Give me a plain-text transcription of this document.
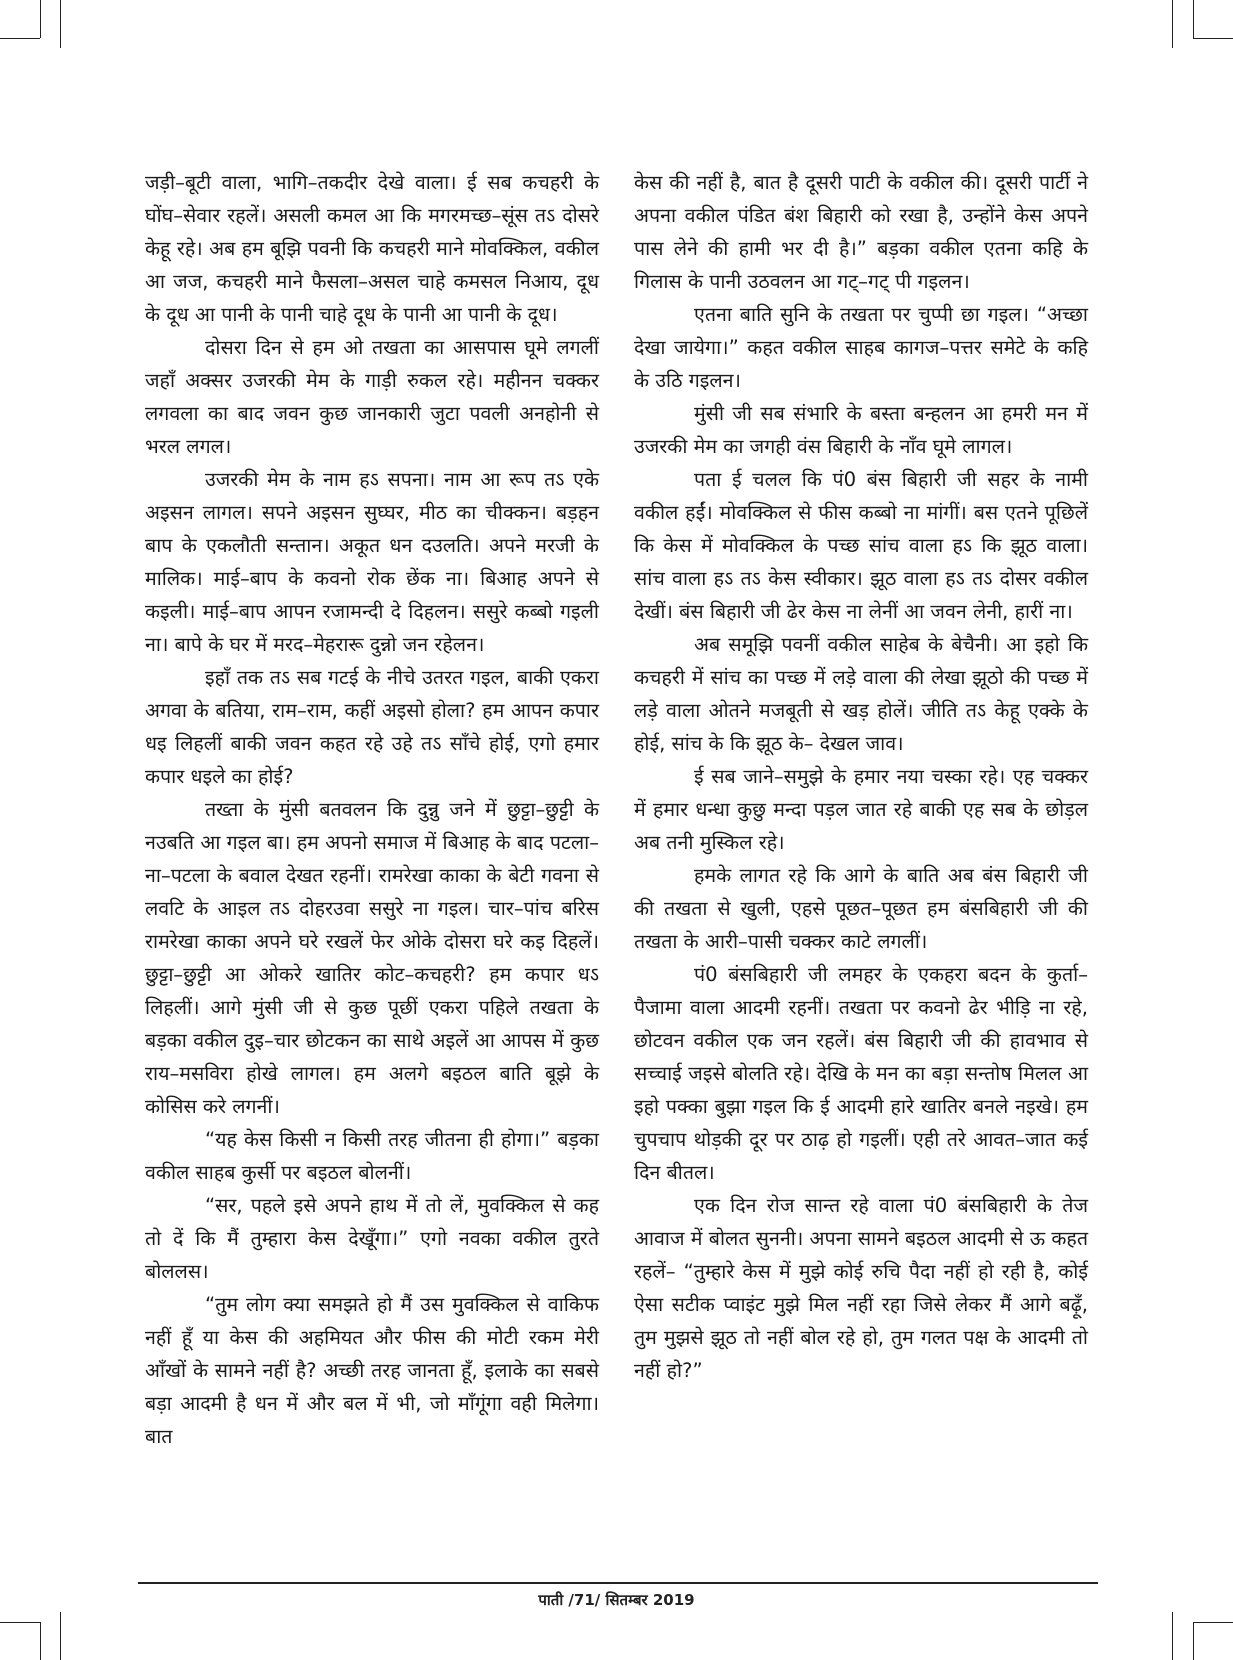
जड़ी–बूटी वाला, भागि–तकदीर देखे वाला। ई सब कचहरी के घोंघ–सेवार रहलें। असली कमल आ कि मगरमच्छ–सूंस तऽ दोसरे केहू रहे। अब हम बूझि पवनी कि कचहरी माने मोवक्किल, वकील आ जज, कचहरी माने फैसला–असल चाहे कमसल निआय, दूध के दूध आ पानी के पानी चाहे दूध के पानी आ पानी के दूध।

दोसरा दिन से हम ओ तखता का आसपास घूमे लगलीं जहाँ अक्सर उजरकी मेम के गाड़ी रुकल रहे। महीनन चक्कर लगवला का बाद जवन कुछ जानकारी जुटा पवली अनहोनी से भरल लगल।

उजरकी मेम के नाम हऽ सपना। नाम आ रूप तऽ एके अइसन लागल। सपने अइसन सुघ्घर, मीठ का चीक्कन। बड़हन बाप के एकलौती सन्तान। अकूत धन दउलति। अपने मरजी के मालिक। माई–बाप के कवनो रोक छेंक ना। बिआह अपने से कइली। माई–बाप आपन रजामन्दी दे दिहलन। ससुरे कब्बो गइली ना। बापे के घर में मरद–मेहरारू दुन्नो जन रहेलन।

इहाँ तक तऽ सब गटई के नीचे उतरत गइल, बाकी एकरा अगवा के बतिया, राम–राम, कहीं अइसो होला? हम आपन कपार धइ लिहलीं बाकी जवन कहत रहे उहे तऽ साँचे होई, एगो हमार कपार धइले का होई?

तख्ता के मुंसी बतवलन कि दुन्नु जने में छुट्टा–छुट्टी के नउबति आ गइल बा। हम अपनो समाज में बिआह के बाद पटला–ना–पटला के बवाल देखत रहनीं। रामरेखा काका के बेटी गवना से लवटि के आइल तऽ दोहरउवा ससुरे ना गइल। चार–पांच बरिस रामरेखा काका अपने घरे रखलें फेर ओके दोसरा घरे कइ दिहलें। छुट्टा–छुट्टी आ ओकरे खातिर कोट–कचहरी? हम कपार धऽ लिहलीं। आगे मुंसी जी से कुछ पूछीं एकरा पहिले तखता के बड़का वकील दुइ–चार छोटकन का साथे अइलें आ आपस में कुछ राय–मसविरा होखे लागल। हम अलगे बइठल बाति बूझे के कोसिस करे लगनीं।

“यह केस किसी न किसी तरह जीतना ही होगा।” बड़का वकील साहब कुर्सी पर बइठल बोलनीं।

“सर, पहले इसे अपने हाथ में तो लें, मुवक्किल से कह तो दें कि मैं तुम्हारा केस देखूँगा।” एगो नवका वकील तुरते बोललस।

“तुम लोग क्या समझते हो मैं उस मुवक्किल से वाकिफ नहीं हूँ या केस की अहमियत और फीस की मोटी रकम मेरी आँखों के सामने नहीं है? अच्छी तरह जानता हूँ, इलाके का सबसे बड़ा आदमी है धन में और बल में भी, जो माँगूंगा वही मिलेगा। बात

केस की नहीं है, बात है दूसरी पाटी के वकील की। दूसरी पार्टी ने अपना वकील पंडित बंश बिहारी को रखा है, उन्होंने केस अपने पास लेने की हामी भर दी है।” बड़का वकील एतना कहि के गिलास के पानी उठवलन आ गट्–गट् पी गइलन।

एतना बाति सुनि के तखता पर चुप्पी छा गइल। “अच्छा देखा जायेगा।” कहत वकील साहब कागज–पत्तर समेटे के कहि के उठि गइलन।

मुंसी जी सब संभारि के बस्ता बन्हलन आ हमरी मन में उजरकी मेम का जगही वंस बिहारी के नाँव घूमे लागल।

पता ई चलल कि पं0 बंस बिहारी जी सहर के नामी वकील हईं। मोवक्किल से फीस कब्बो ना मांगीं। बस एतने पूछिलें कि केस में मोवक्किल के पच्छ सांच वाला हऽ कि झूठ वाला। सांच वाला हऽ तऽ केस स्वीकार। झूठ वाला हऽ तऽ दोसर वकील देखीं। बंस बिहारी जी ढेर केस ना लेनीं आ जवन लेनी, हारीं ना।

अब समूझि पवनीं वकील साहेब के बेचैनी। आ इहो कि कचहरी में सांच का पच्छ में लड़े वाला की लेखा झूठो की पच्छ में लड़े वाला ओतने मजबूती से खड़ होलें। जीति तऽ केहू एक्के के होई, सांच के कि झूठ के– देखल जाव।

ई सब जाने–समुझे के हमार नया चस्का रहे। एह चक्कर में हमार धन्धा कुछु मन्दा पड़ल जात रहे बाकी एह सब के छोड़ल अब तनी मुस्किल रहे।

हमके लागत रहे कि आगे के बाति अब बंस बिहारी जी की तखता से खुली, एहसे पूछत–पूछत हम बंसबिहारी जी की तखता के आरी–पासी चक्कर काटे लगलीं।

पं0 बंसबिहारी जी लमहर के एकहरा बदन के कुर्ता–पैजामा वाला आदमी रहनीं। तखता पर कवनो ढेर भीड़ि ना रहे, छोटवन वकील एक जन रहलें। बंस बिहारी जी की हावभाव से सच्चाई जइसे बोलति रहे। देखि के मन का बड़ा सन्तोष मिलल आ इहो पक्का बुझा गइल कि ई आदमी हारे खातिर बनले नइखे। हम चुपचाप थोड़की दूर पर ठाढ़ हो गइलीं। एही तरे आवत–जात कई दिन बीतल।

एक दिन रोज सान्त रहे वाला पं0 बंसबिहारी के तेज आवाज में बोलत सुननी। अपना सामने बइठल आदमी से ऊ कहत रहलें– “तुम्हारे केस में मुझे कोई रुचि पैदा नहीं हो रही है, कोई ऐसा सटीक प्वाइंट मुझे मिल नहीं रहा जिसे लेकर मैं आगे बढ़ूँ, तुम मुझसे झूठ तो नहीं बोल रहे हो, तुम गलत पक्ष के आदमी तो नहीं हो?”

पाती /71/ सितम्बर 2019
